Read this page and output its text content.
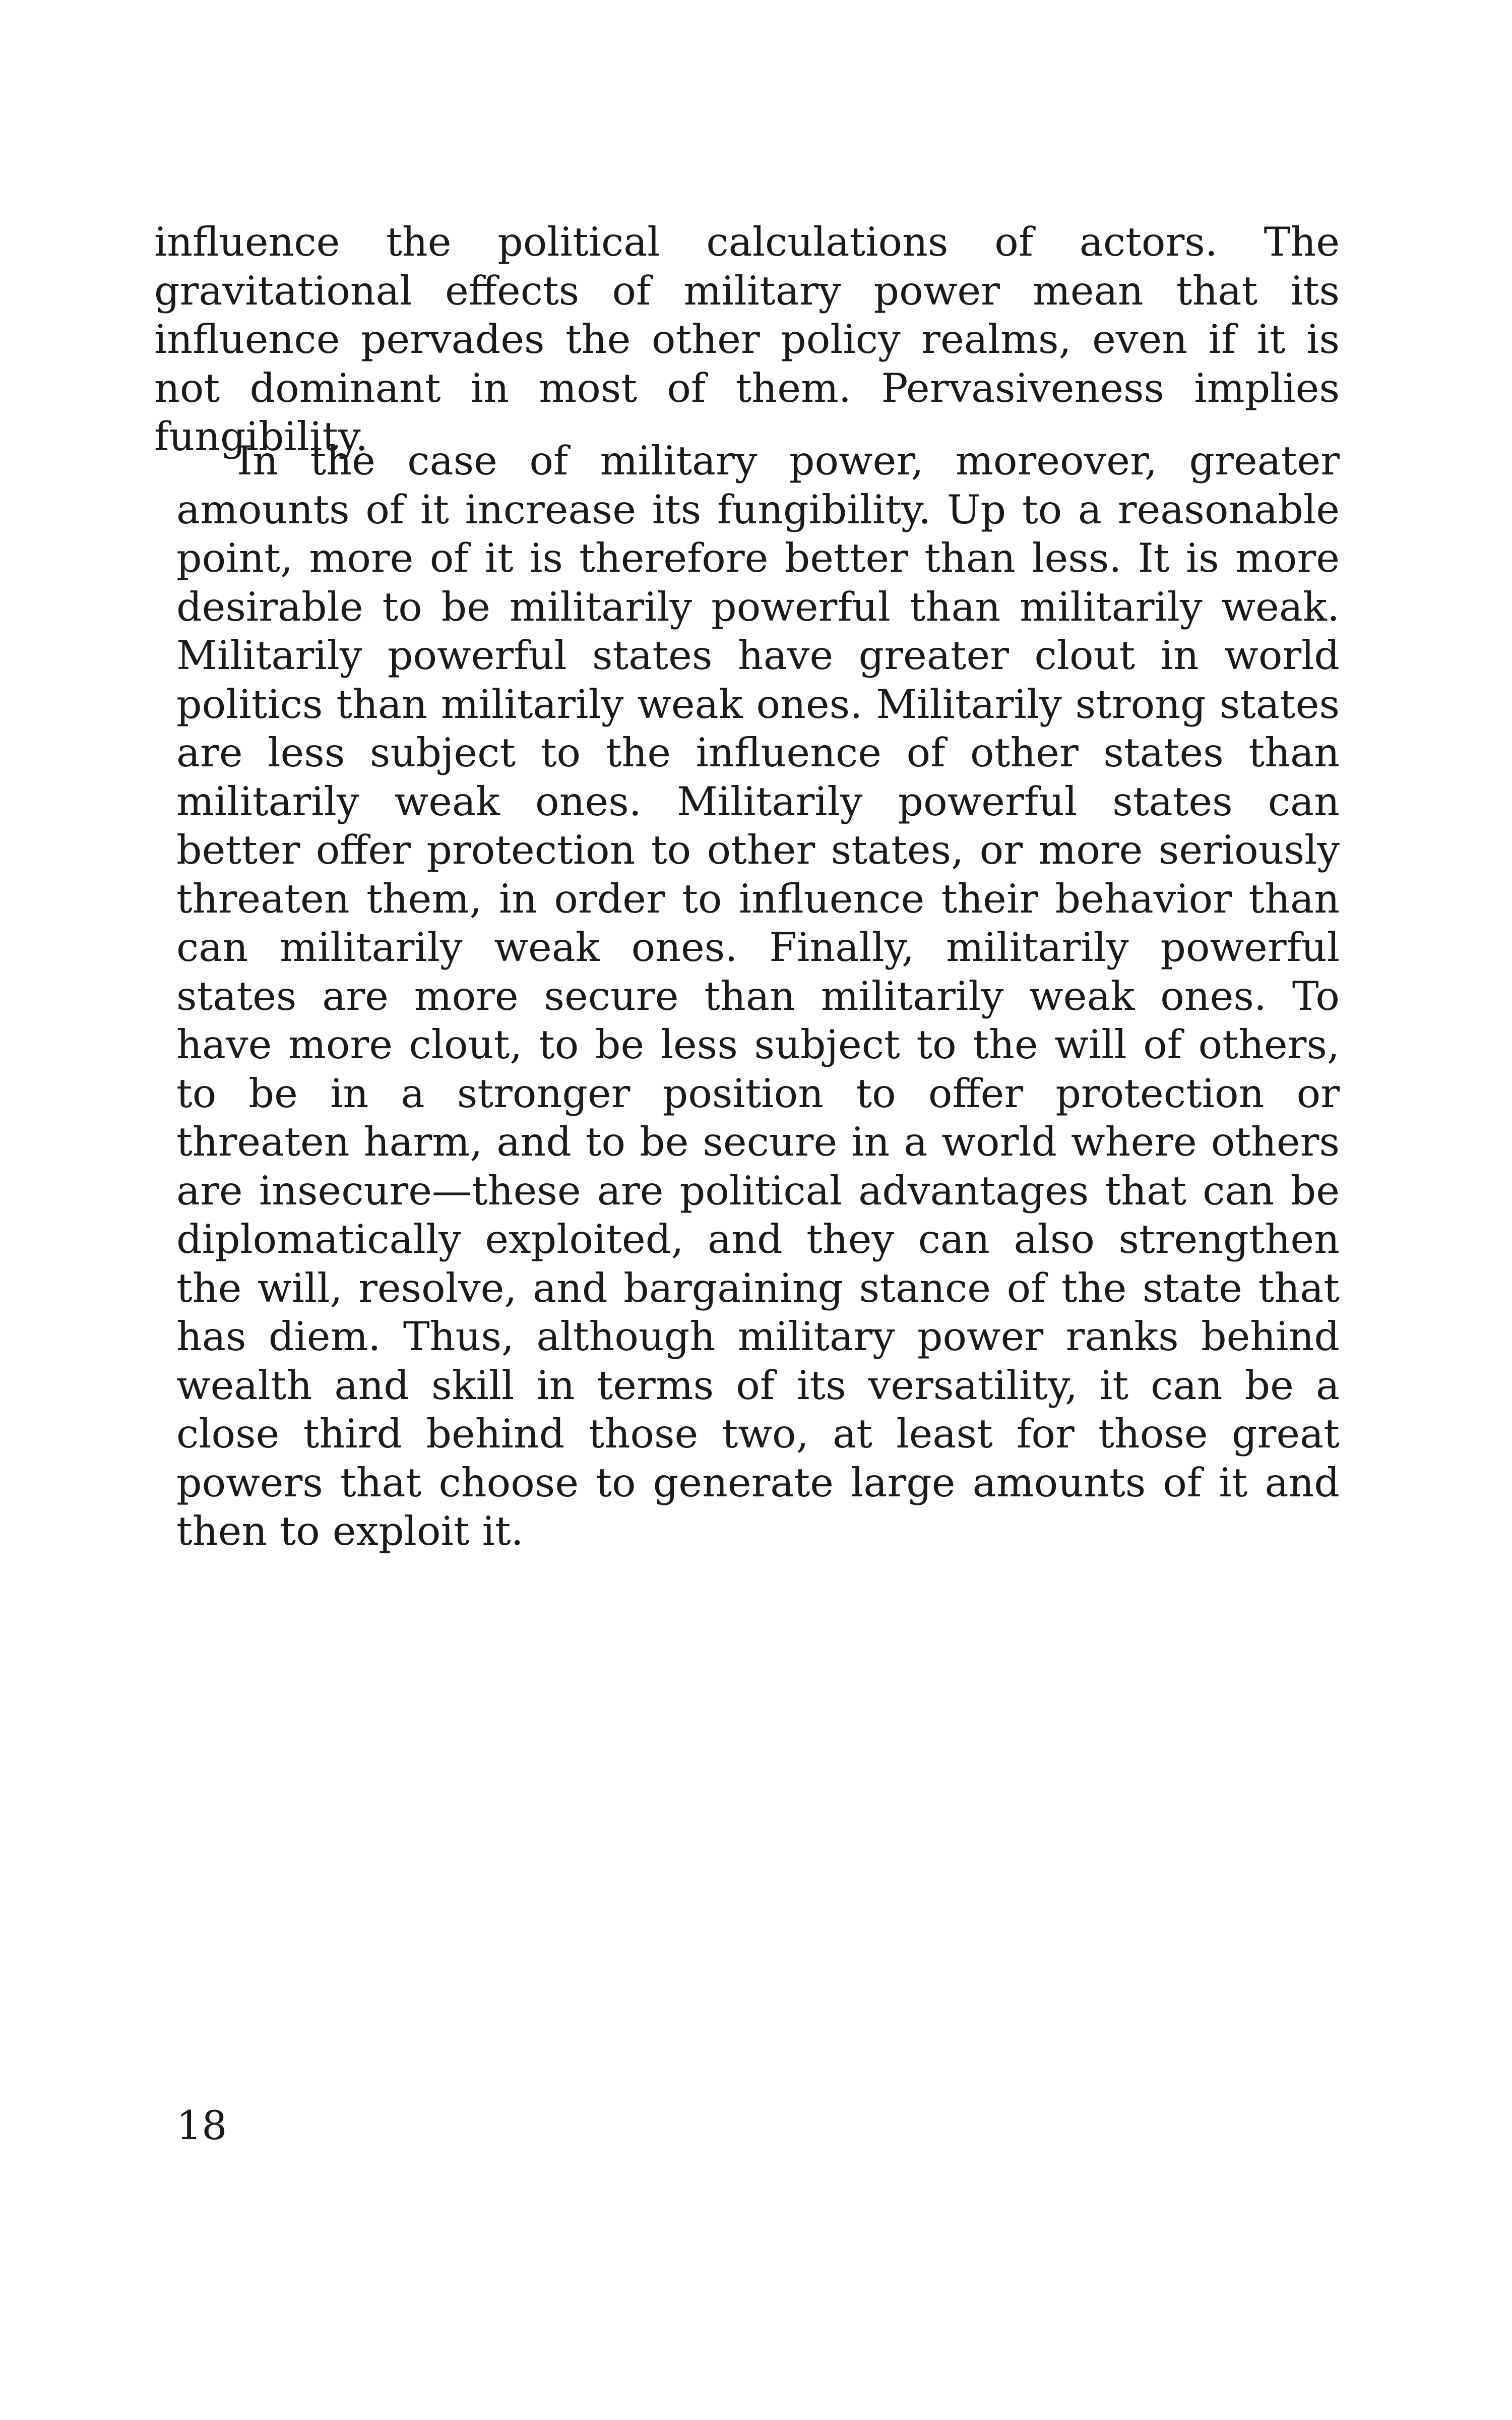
influence the political calculations of actors. The gravitational effects of military power mean that its influence pervades the other policy realms, even if it is not dominant in most of them. Pervasiveness implies fungibility.

In the case of military power, moreover, greater amounts of it increase its fungibility. Up to a reasonable point, more of it is therefore better than less. It is more desirable to be militarily powerful than militarily weak. Militarily powerful states have greater clout in world politics than militarily weak ones. Militarily strong states are less subject to the influence of other states than militarily weak ones. Militarily powerful states can better offer protection to other states, or more seriously threaten them, in order to influence their behavior than can militarily weak ones. Finally, militarily powerful states are more secure than militarily weak ones. To have more clout, to be less subject to the will of others, to be in a stronger position to offer protection or threaten harm, and to be secure in a world where others are insecure—these are political advantages that can be diplomatically exploited, and they can also strengthen the will, resolve, and bargaining stance of the state that has diem. Thus, although military power ranks behind wealth and skill in terms of its versatility, it can be a close third behind those two, at least for those great powers that choose to generate large amounts of it and then to exploit it.

18
